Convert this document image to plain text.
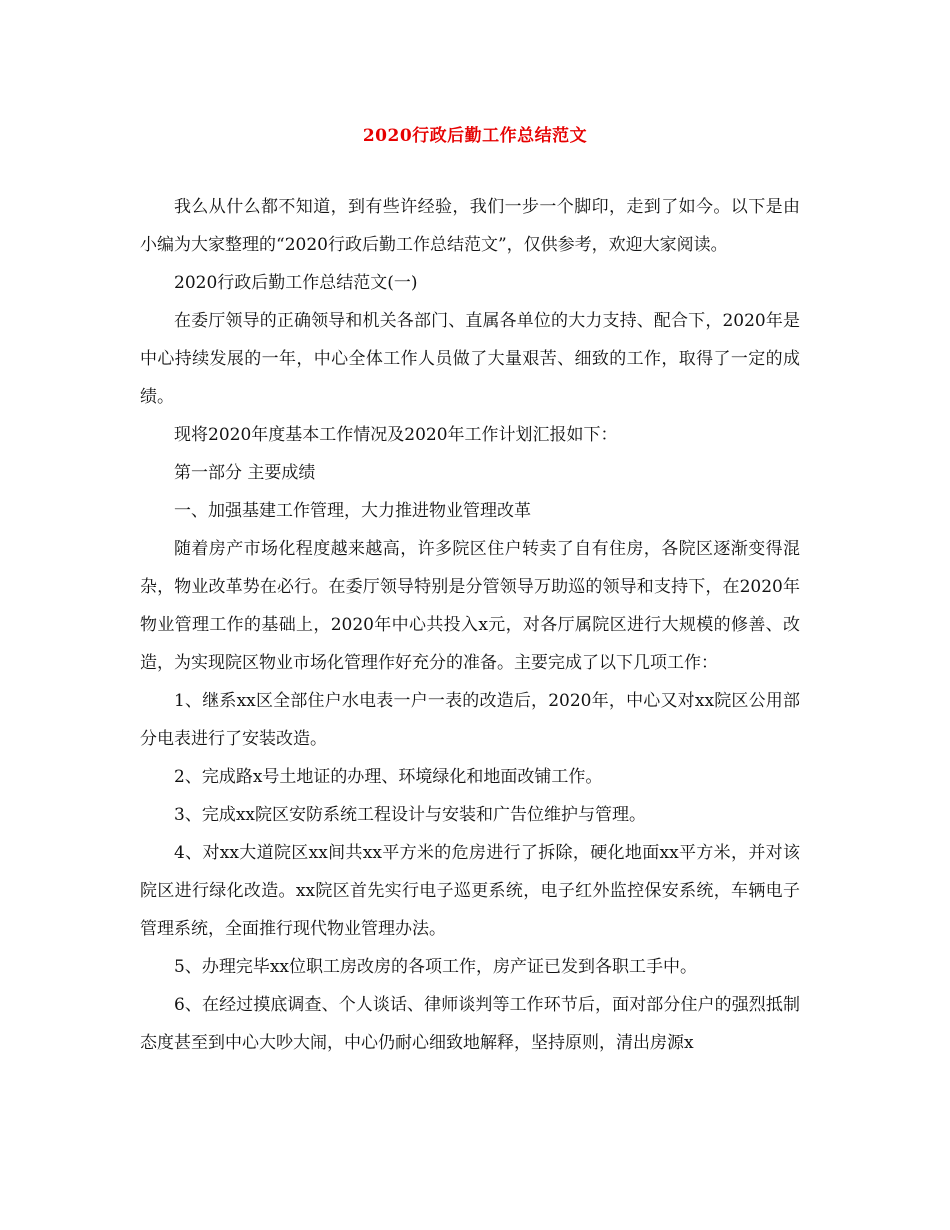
2020行政后勤工作总结范文

我么从什么都不知道，到有些许经验，我们一步一个脚印，走到了如今。以下是由小编为大家整理的“2020行政后勤工作总结范文”，仅供参考，欢迎大家阅读。

2020行政后勤工作总结范文(一)

在委厅领导的正确领导和机关各部门、直属各单位的大力支持、配合下，2020年是中心持续发展的一年，中心全体工作人员做了大量艰苦、细致的工作，取得了一定的成绩。

现将2020年度基本工作情况及2020年工作计划汇报如下：

第一部分 主要成绩

一、加强基建工作管理，大力推进物业管理改革

随着房产市场化程度越来越高，许多院区住户转卖了自有住房，各院区逐渐变得混杂，物业改革势在必行。在委厅领导特别是分管领导万助巡的领导和支持下，在2020年物业管理工作的基础上，2020年中心共投入x元，对各厅属院区进行大规模的修善、改造，为实现院区物业市场化管理作好充分的准备。主要完成了以下几项工作：

1、继系xx区全部住户水电表一户一表的改造后，2020年，中心又对xx院区公用部分电表进行了安装改造。

2、完成路x号土地证的办理、环境绿化和地面改铺工作。

3、完成xx院区安防系统工程设计与安装和广告位维护与管理。

4、对xx大道院区xx间共xx平方米的危房进行了拆除，硬化地面xx平方米，并对该院区进行绿化改造。xx院区首先实行电子巡更系统，电子红外监控保安系统，车辆电子管理系统，全面推行现代物业管理办法。

5、办理完毕xx位职工房改房的各项工作，房产证已发到各职工手中。

6、在经过摸底调查、个人谈话、律师谈判等工作环节后，面对部分住户的强烈抵制态度甚至到中心大吵大闹，中心仍耐心细致地解释，坚持原则，清出房源x
